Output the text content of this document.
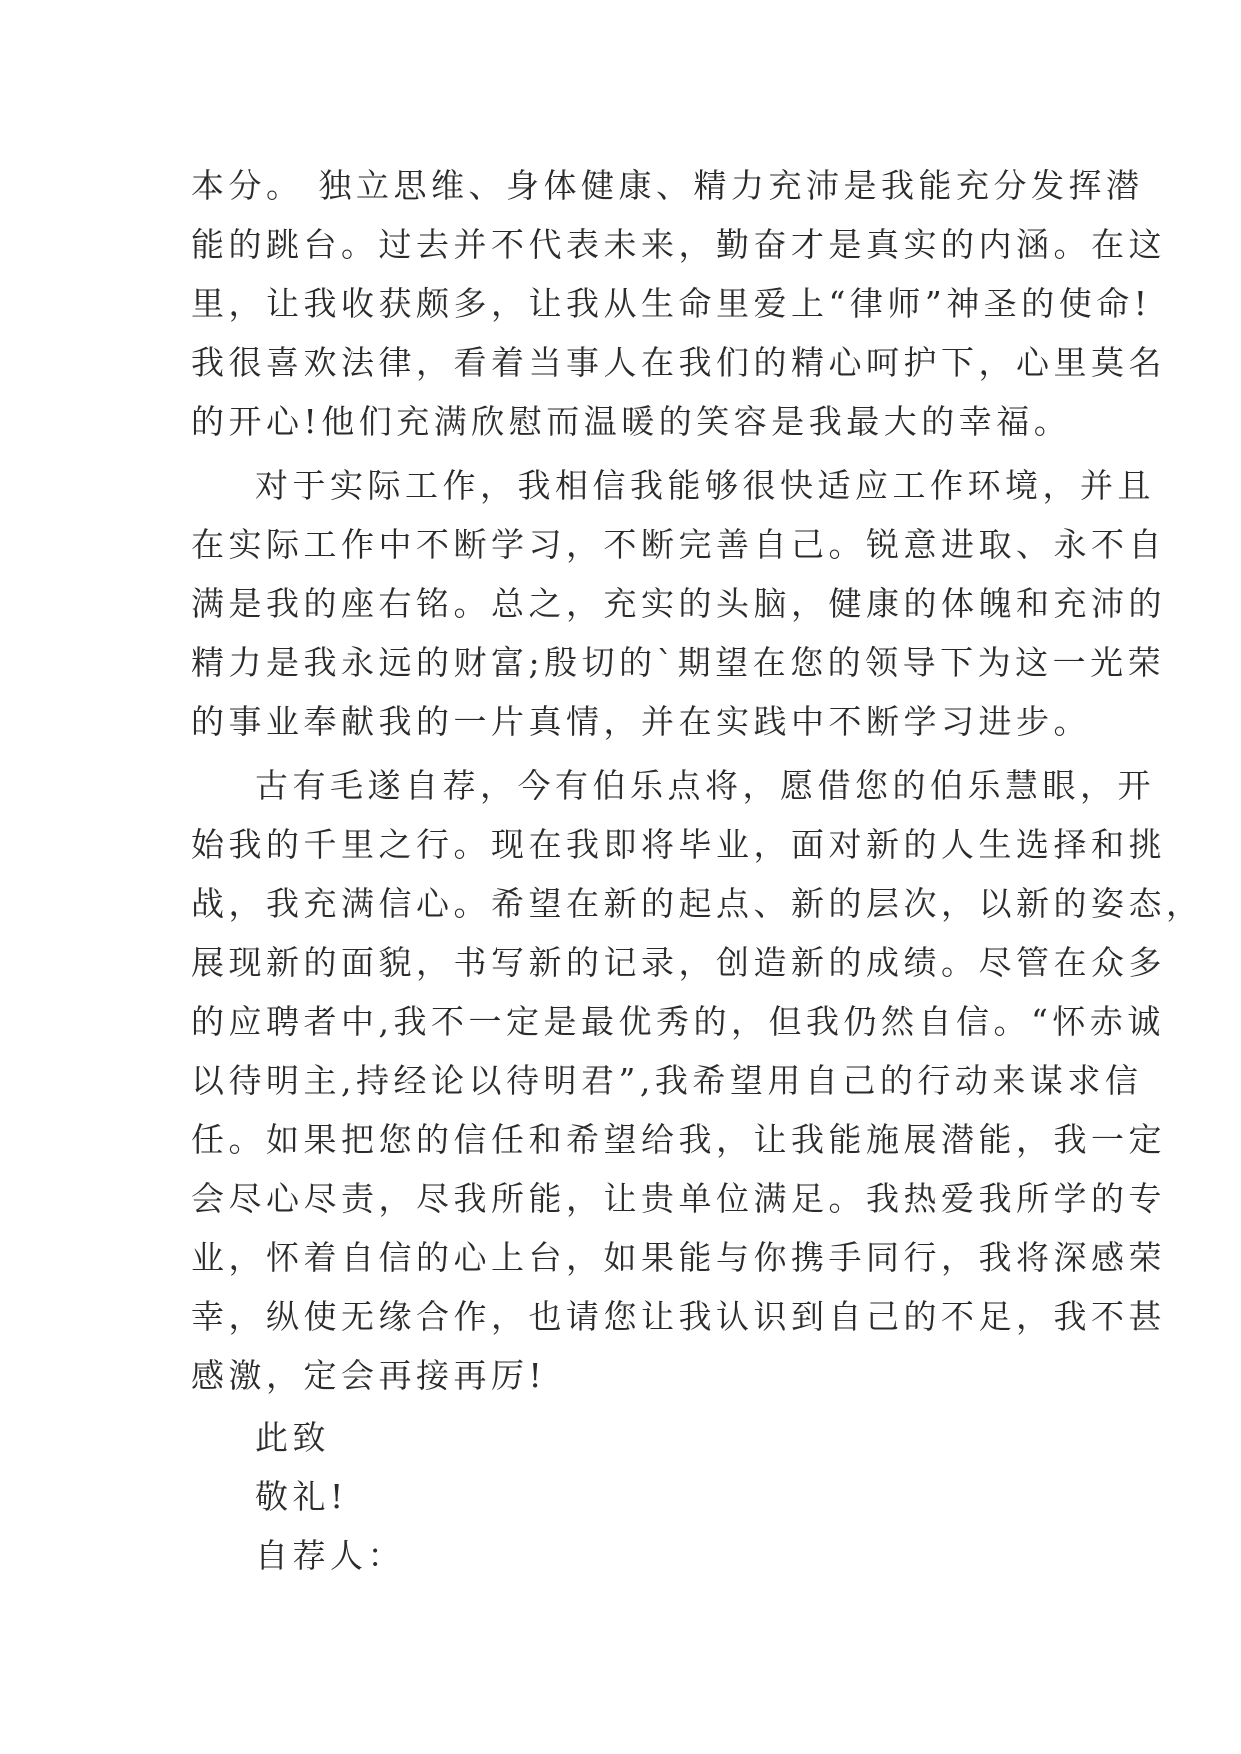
本分。 独立思维、身体健康、精力充沛是我能充分发挥潜
能的跳台。过去并不代表未来，勤奋才是真实的内涵。在这
里，让我收获颇多，让我从生命里爱上“律师”神圣的使命!
我很喜欢法律，看着当事人在我们的精心呵护下，心里莫名
的开心!他们充满欣慰而温暖的笑容是我最大的幸福。
对于实际工作，我相信我能够很快适应工作环境，并且
在实际工作中不断学习，不断完善自己。锐意进取、永不自
满是我的座右铭。总之，充实的头脑，健康的体魄和充沛的
精力是我永远的财富;殷切的`期望在您的领导下为这一光荣
的事业奉献我的一片真情，并在实践中不断学习进步。
古有毛遂自荐，今有伯乐点将，愿借您的伯乐慧眼，开
始我的千里之行。现在我即将毕业，面对新的人生选择和挑
战，我充满信心。希望在新的起点、新的层次，以新的姿态，
展现新的面貌，书写新的记录，创造新的成绩。尽管在众多
的应聘者中,我不一定是最优秀的，但我仍然自信。“怀赤诚
以待明主,持经论以待明君”,我希望用自己的行动来谋求信
任。如果把您的信任和希望给我，让我能施展潜能，我一定
会尽心尽责，尽我所能，让贵单位满足。我热爱我所学的专
业，怀着自信的心上台，如果能与你携手同行，我将深感荣
幸，纵使无缘合作，也请您让我认识到自己的不足，我不甚
感激，定会再接再厉!
此致
敬礼!
自荐人：
